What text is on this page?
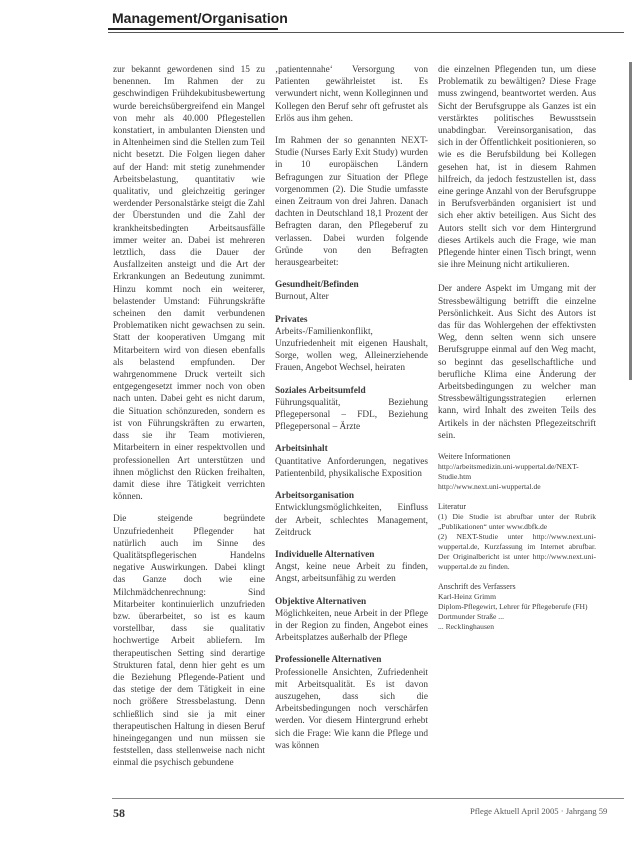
Management/Organisation

zur bekannt gewordenen sind 15 zu benennen. Im Rahmen der zu geschwindigen Frühdekubitusbewertung wurde bereichsübergreifend ein Mangel von mehr als 40.000 Pflegestellen konstatiert, in ambulanten Diensten und in Altenheimen sind die Stellen zum Teil nicht besetzt. Die Folgen liegen daher auf der Hand: mit stetig zunehmender Arbeitsbelastung, quantitativ wie qualitativ, und gleichzeitig geringer werdender Personalstärke steigt die Zahl der Überstunden und die Zahl der krankheitsbedingten Arbeitsausfälle immer weiter an. Dabei ist mehreren letztlich, dass die Dauer der Ausfallzeiten ansteigt und die Art der Erkrankungen an Bedeutung zunimmt. Hinzu kommt noch ein weiterer, belastender Umstand: Führungskräfte scheinen den damit verbundenen Problematiken nicht gewachsen zu sein. Statt der kooperativen Umgang mit Mitarbeitern wird von diesen ebenfalls als belastend empfunden. Der wahrgenommene Druck verteilt sich entgegengesetzt immer noch von oben nach unten. Dabei geht es nicht darum, die Situation schönzureden, sondern es ist von Führungskräften zu erwarten, dass sie ihr Team motivieren, Mitarbeitern in einer respektvollen und professionellen Art unterstützen und ihnen möglichst den Rücken freihalten, damit diese ihre Tätigkeit verrichten können.

Die steigende begründete Unzufriedenheit Pflegender hat natürlich auch im Sinne des Qualitätspflegerischen Handelns negative Auswirkungen. Dabei klingt das Ganze doch wie eine Milchmädchenrechnung: Sind Mitarbeiter kontinuierlich unzufrieden bzw. überarbeitet, so ist es kaum vorstellbar, dass sie qualitativ hochwertige Arbeit abliefern. Im therapeutischen Setting sind derartige Strukturen fatal, denn hier geht es um die Beziehung Pflegende-Patient und das stetige der dem Tätigkeit in eine noch größere Stressbelastung. Denn schließlich sind sie ja mit einer therapeutischen Haltung in diesen Beruf hineingegangen und nun müssen sie feststellen, dass stellenweise nach nicht einmal die psychisch gebundene

‚patientennahe‘ Versorgung von Patienten gewährleistet ist. Es verwundert nicht, wenn Kolleginnen und Kollegen den Beruf sehr oft gefrustet als Erlös aus ihm gehen.

Im Rahmen der so genannten NEXT-Studie (Nurses Early Exit Study) wurden in 10 europäischen Ländern Befragungen zur Situation der Pflege vorgenommen (2). Die Studie umfasste einen Zeitraum von drei Jahren. Danach dachten in Deutschland 18,1 Prozent der Befragten daran, den Pflegeberuf zu verlassen. Dabei wurden folgende Gründe von den Befragten herausgearbeitet:

Gesundheit/Befinden

Burnout, Alter

Privates

Arbeits-/Familienkonflikt, Unzufriedenheit mit eigenen Haushalt, Sorge, wollen weg, Alleinerziehende Frauen, Angebot Wechsel, heiraten

Soziales Arbeitsumfeld

Führungsqualität, Beziehung Pflegepersonal – FDL, Beziehung Pflegepersonal – Ärzte

Arbeitsinhalt

Quantitative Anforderungen, negatives Patientenbild, physikalische Exposition

Arbeitsorganisation

Entwicklungsmöglichkeiten, Einfluss der Arbeit, schlechtes Management, Zeitdruck

Individuelle Alternativen

Angst, keine neue Arbeit zu finden, Angst, arbeitsunfähig zu werden

Objektive Alternativen

Möglichkeiten, neue Arbeit in der Pflege in der Region zu finden, Angebot eines Arbeitsplatzes außerhalb der Pflege

Professionelle Alternativen

Professionelle Ansichten, Zufriedenheit mit Arbeitsqualität. Es ist davon auszugehen, dass sich die Arbeitsbedingungen noch verschärfen werden. Vor diesem Hintergrund erhebt sich die Frage: Wie kann die Pflege und was können

die einzelnen Pflegenden tun, um diese Problematik zu bewältigen? Diese Frage muss zwingend, beantwortet werden. Aus Sicht der Berufsgruppe als Ganzes ist ein verstärktes politisches Bewusstsein unabdingbar. Vereinsorganisation, das sich in der Öffentlichkeit positionieren, so wie es die Berufsbildung bei Kollegen gesehen hat, ist in diesem Rahmen hilfreich, da jedoch festzustellen ist, dass eine geringe Anzahl von der Berufsgruppe in Berufsverbänden organisiert ist und sich eher aktiv beteiligen. Aus Sicht des Autors stellt sich vor dem Hintergrund dieses Artikels auch die Frage, wie man Pflegende hinter einen Tisch bringt, wenn sie ihre Meinung nicht artikulieren.

Der andere Aspekt im Umgang mit der Stressbewältigung betrifft die einzelne Persönlichkeit. Aus Sicht des Autors ist das für das Wohlergehen der effektivsten Weg, denn selten wenn sich unsere Berufsgruppe einmal auf den Weg macht, so beginnt das gesellschaftliche und berufliche Klima eine Änderung der Arbeitsbedingungen zu welcher man Stressbewältigungsstrategien erlernen kann, wird Inhalt des zweiten Teils des Artikels in der nächsten Pflegezeitschrift sein.

Weitere Informationen

http://arbeitsmedizin.uni-wuppertal.de/NEXT-Studie.htm

http://www.next.uni-wuppertal.de

Literatur

(1) Die Studie ist abrufbar unter der Rubrik „Publikationen“ unter www.dbfk.de

(2) NEXT-Studie unter http://www.next.uni-wuppertal.de, Kurzfassung im Internet abrufbar. Der Originalbericht ist unter http://www.next.uni-wuppertal.de zu finden.

Anschrift des Verfassers

Karl-Heinz Grimm

Diplom-Pflegewirt, Lehrer für Pflegeberufe (FH)

Dortmunder Straße ...

... Recklinghausen

58	Pflege Aktuell April 2005 · Jahrgang 59
